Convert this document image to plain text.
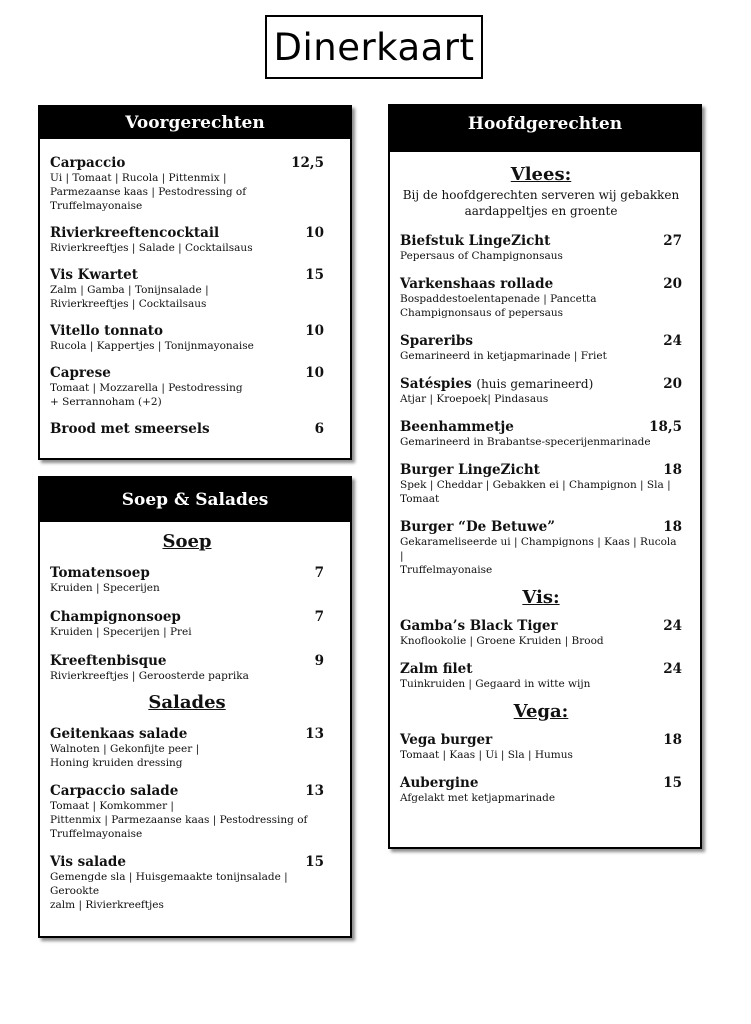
Dinerkaart
Voorgerechten
Carpaccio	12,5
Ui | Tomaat | Rucola | Pittenmix |
Parmezaanse kaas | Pestodressing of Truffelmayonaise
Rivierkreeftencocktail	10
Rivierkreeftjes | Salade | Cocktailsaus
Vis Kwartet	15
Zalm | Gamba | Tonijnsalade |
Rivierkreeftjes | Cocktailsaus
Vitello tonnato	10
Rucola | Kappertjes | Tonijnmayonaise
Caprese	10
Tomaat | Mozzarella | Pestodressing
+ Serrannoham (+2)
Brood met smeersels	6
Soep & Salades
Soep
Tomatensoep	7
Kruiden | Specerijen
Champignonsoep	7
Kruiden | Specerijen | Prei
Kreeftenbisque	9
Rivierkreeftjes | Geroosterde paprika
Salades
Geitenkaas salade	13
Walnoten | Gekonfijte peer |
Honing kruiden dressing
Carpaccio salade	13
Tomaat | Komkommer |
Pittenmix | Parmezaanse kaas | Pestodressing of
Truffelmayonaise
Vis salade	15
Gemengde sla | Huisgemaakte tonijnsalade | Gerookte
zalm | Rivierkreeftjes
Hoofdgerechten
Vlees:
Bij de hoofdgerechten serveren wij gebakken
aardappeltjes en groente
Biefstuk LingeZicht	27
Pepersaus of Champignonsaus
Varkenshaas rollade	20
Bospaddestoelentapenade | Pancetta
Champignonsaus of pepersaus
Spareribs	24
Gemarineerd in ketjapmarinade | Friet
Satéspies (huis gemarineerd)	20
Atjar | Kroepoek| Pindasaus
Beenhammetje	18,5
Gemarineerd in Brabantse-specerijenmarinade
Burger LingeZicht	18
Spek | Cheddar | Gebakken ei | Champignon | Sla |
Tomaat
Burger “De Betuwe”	18
Gekarameliseerde ui | Champignons | Kaas | Rucola |
Truffelmayonaise
Vis:
Gamba’s Black Tiger	24
Knoflookolie | Groene Kruiden | Brood
Zalm filet	24
Tuinkruiden | Gegaard in witte wijn
Vega:
Vega burger	18
Tomaat | Kaas | Ui | Sla | Humus
Aubergine	15
Afgelakt met ketjapmarinade
